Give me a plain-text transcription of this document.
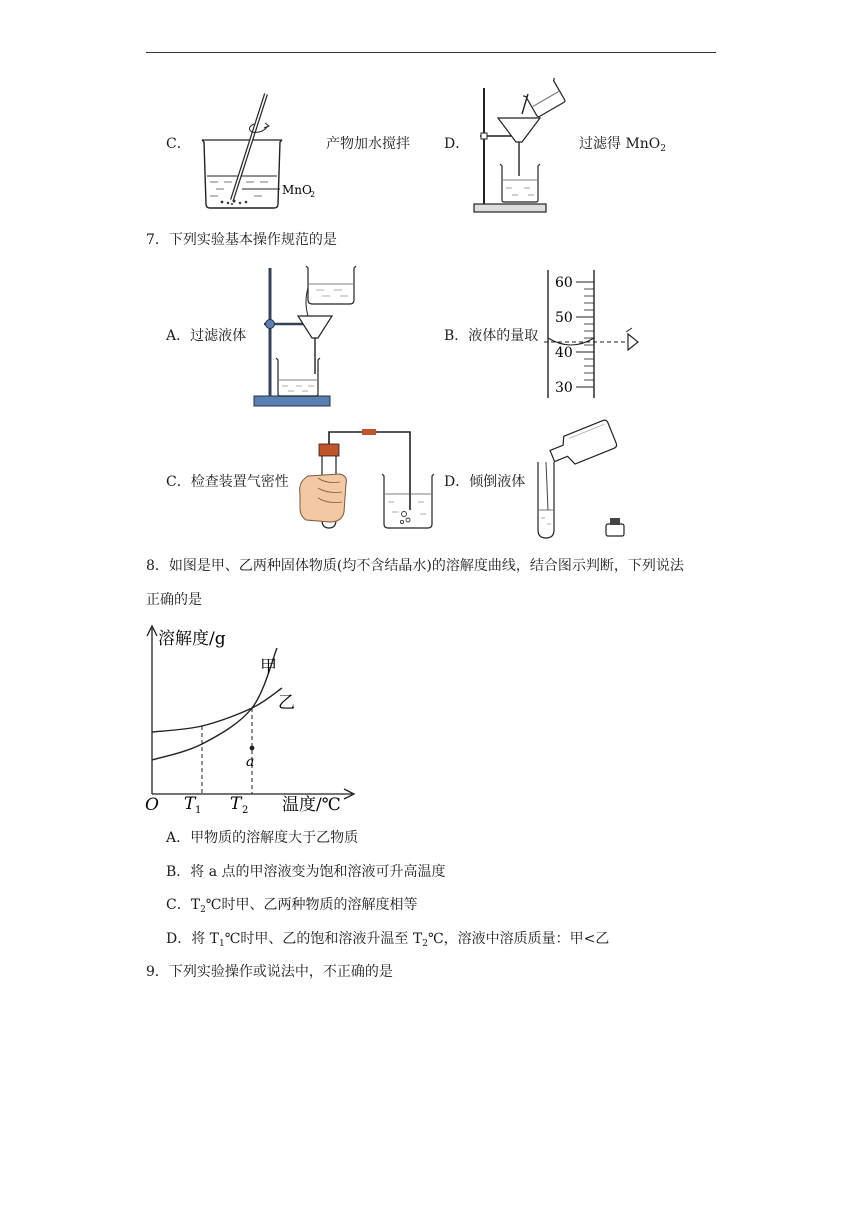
C．
MnO
2
产物加水搅拌 D．	过滤得 MnO$_2$
7．下列实验基本操作规范的是
A．过滤液体	B．液体的量取
60
50
40
30
C．检查装置气密性	D．倾倒液体
8．如图是甲、乙两种固体物质(均不含结晶水)的溶解度曲线，结合图示判断，下列说法
正确的是
溶解度/g
温度/℃
O T 1 T 2
甲
乙
a
A．甲物质的溶解度大于乙物质
B．将 a 点的甲溶液变为饱和溶液可升高温度
C．$T_2℃$时甲、乙两种物质的溶解度相等
D．将 $T_1℃$时甲、乙的饱和溶液升温至 $T_2℃$，溶液中溶质质量：甲<乙
9．下列实验操作或说法中，不正确的是
